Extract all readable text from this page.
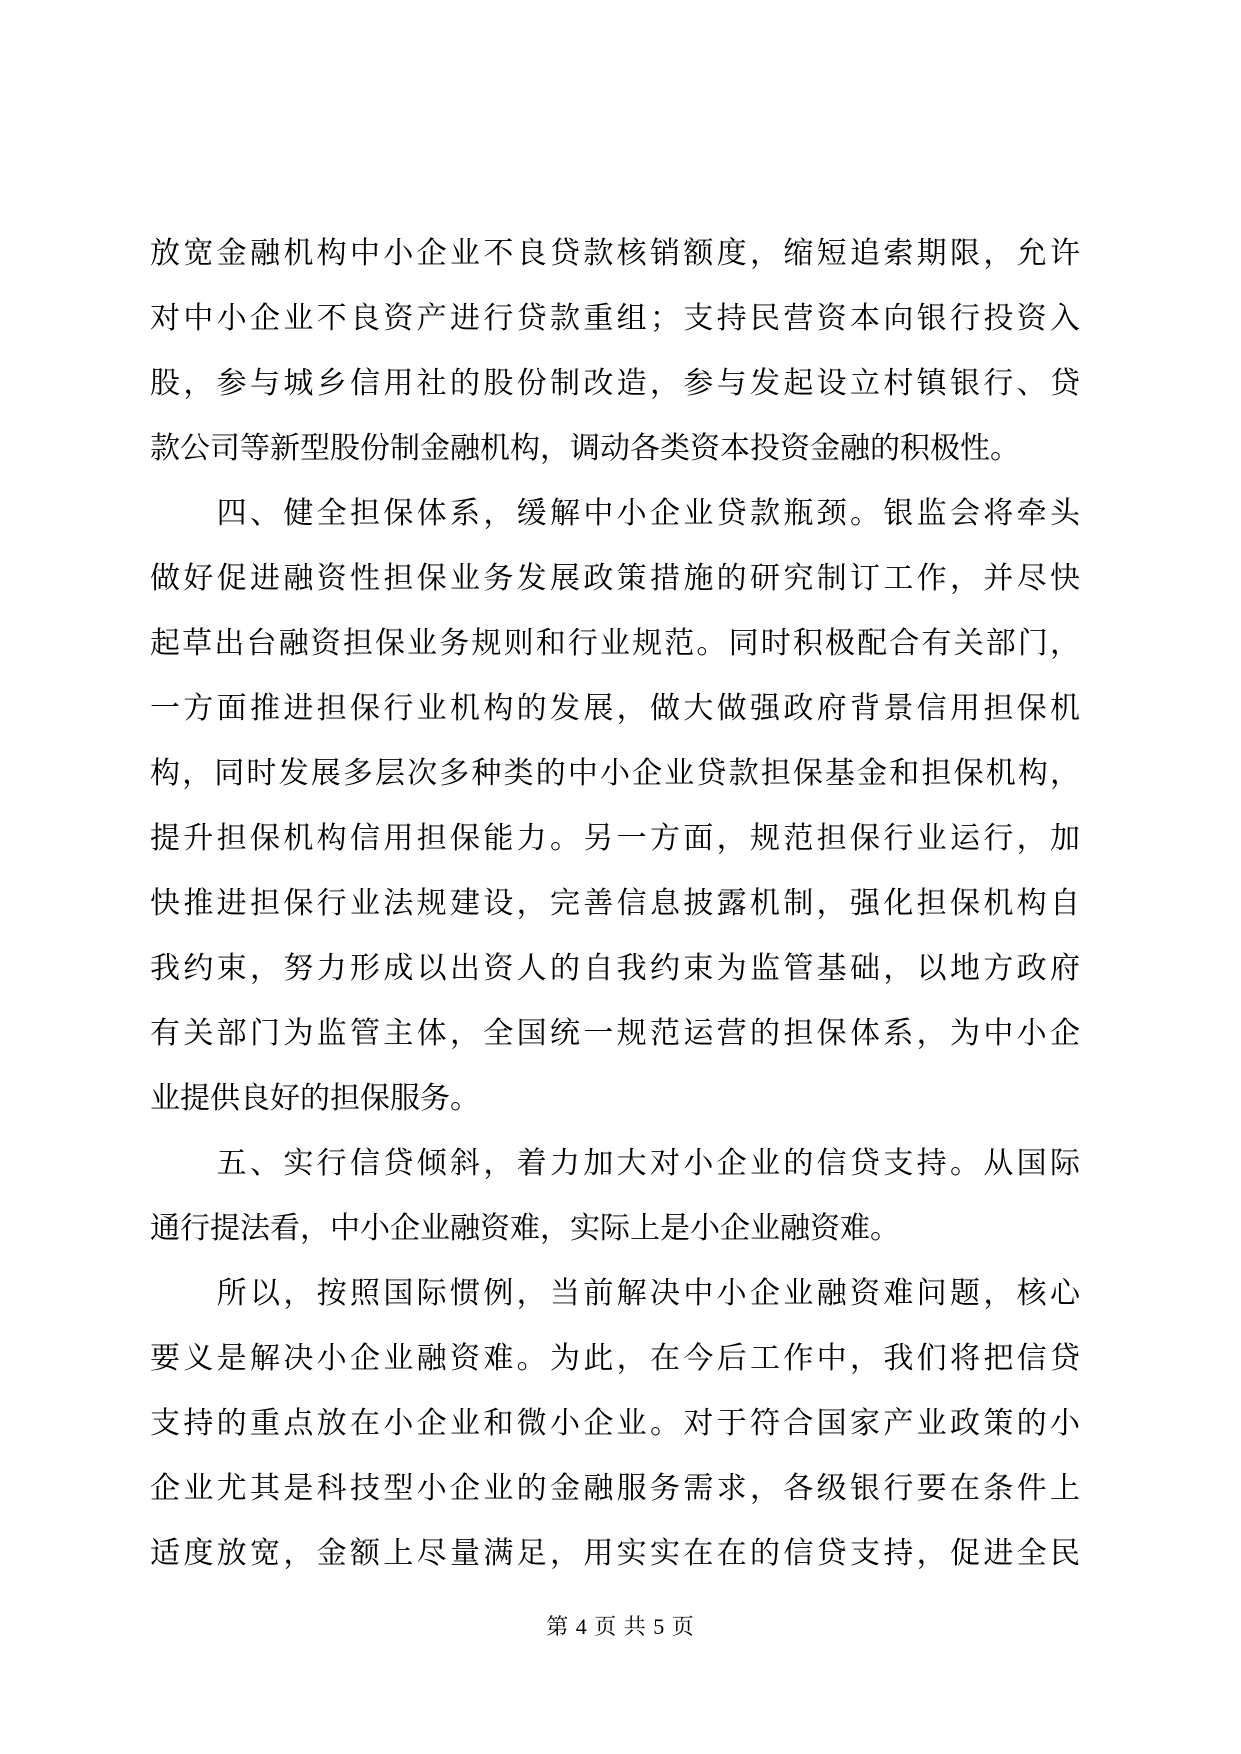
放宽金融机构中小企业不良贷款核销额度，缩短追索期限，允许
对中小企业不良资产进行贷款重组；支持民营资本向银行投资入
股，参与城乡信用社的股份制改造，参与发起设立村镇银行、贷
款公司等新型股份制金融机构，调动各类资本投资金融的积极性。
　　四、健全担保体系，缓解中小企业贷款瓶颈。银监会将牵头
做好促进融资性担保业务发展政策措施的研究制订工作，并尽快
起草出台融资担保业务规则和行业规范。同时积极配合有关部门，
一方面推进担保行业机构的发展，做大做强政府背景信用担保机
构，同时发展多层次多种类的中小企业贷款担保基金和担保机构，
提升担保机构信用担保能力。另一方面，规范担保行业运行，加
快推进担保行业法规建设，完善信息披露机制，强化担保机构自
我约束，努力形成以出资人的自我约束为监管基础，以地方政府
有关部门为监管主体，全国统一规范运营的担保体系，为中小企
业提供良好的担保服务。
　　五、实行信贷倾斜，着力加大对小企业的信贷支持。从国际
通行提法看，中小企业融资难，实际上是小企业融资难。
　　所以，按照国际惯例，当前解决中小企业融资难问题，核心
要义是解决小企业融资难。为此，在今后工作中，我们将把信贷
支持的重点放在小企业和微小企业。对于符合国家产业政策的小
企业尤其是科技型小企业的金融服务需求，各级银行要在条件上
适度放宽，金额上尽量满足，用实实在在的信贷支持，促进全民
第 4 页 共 5 页
